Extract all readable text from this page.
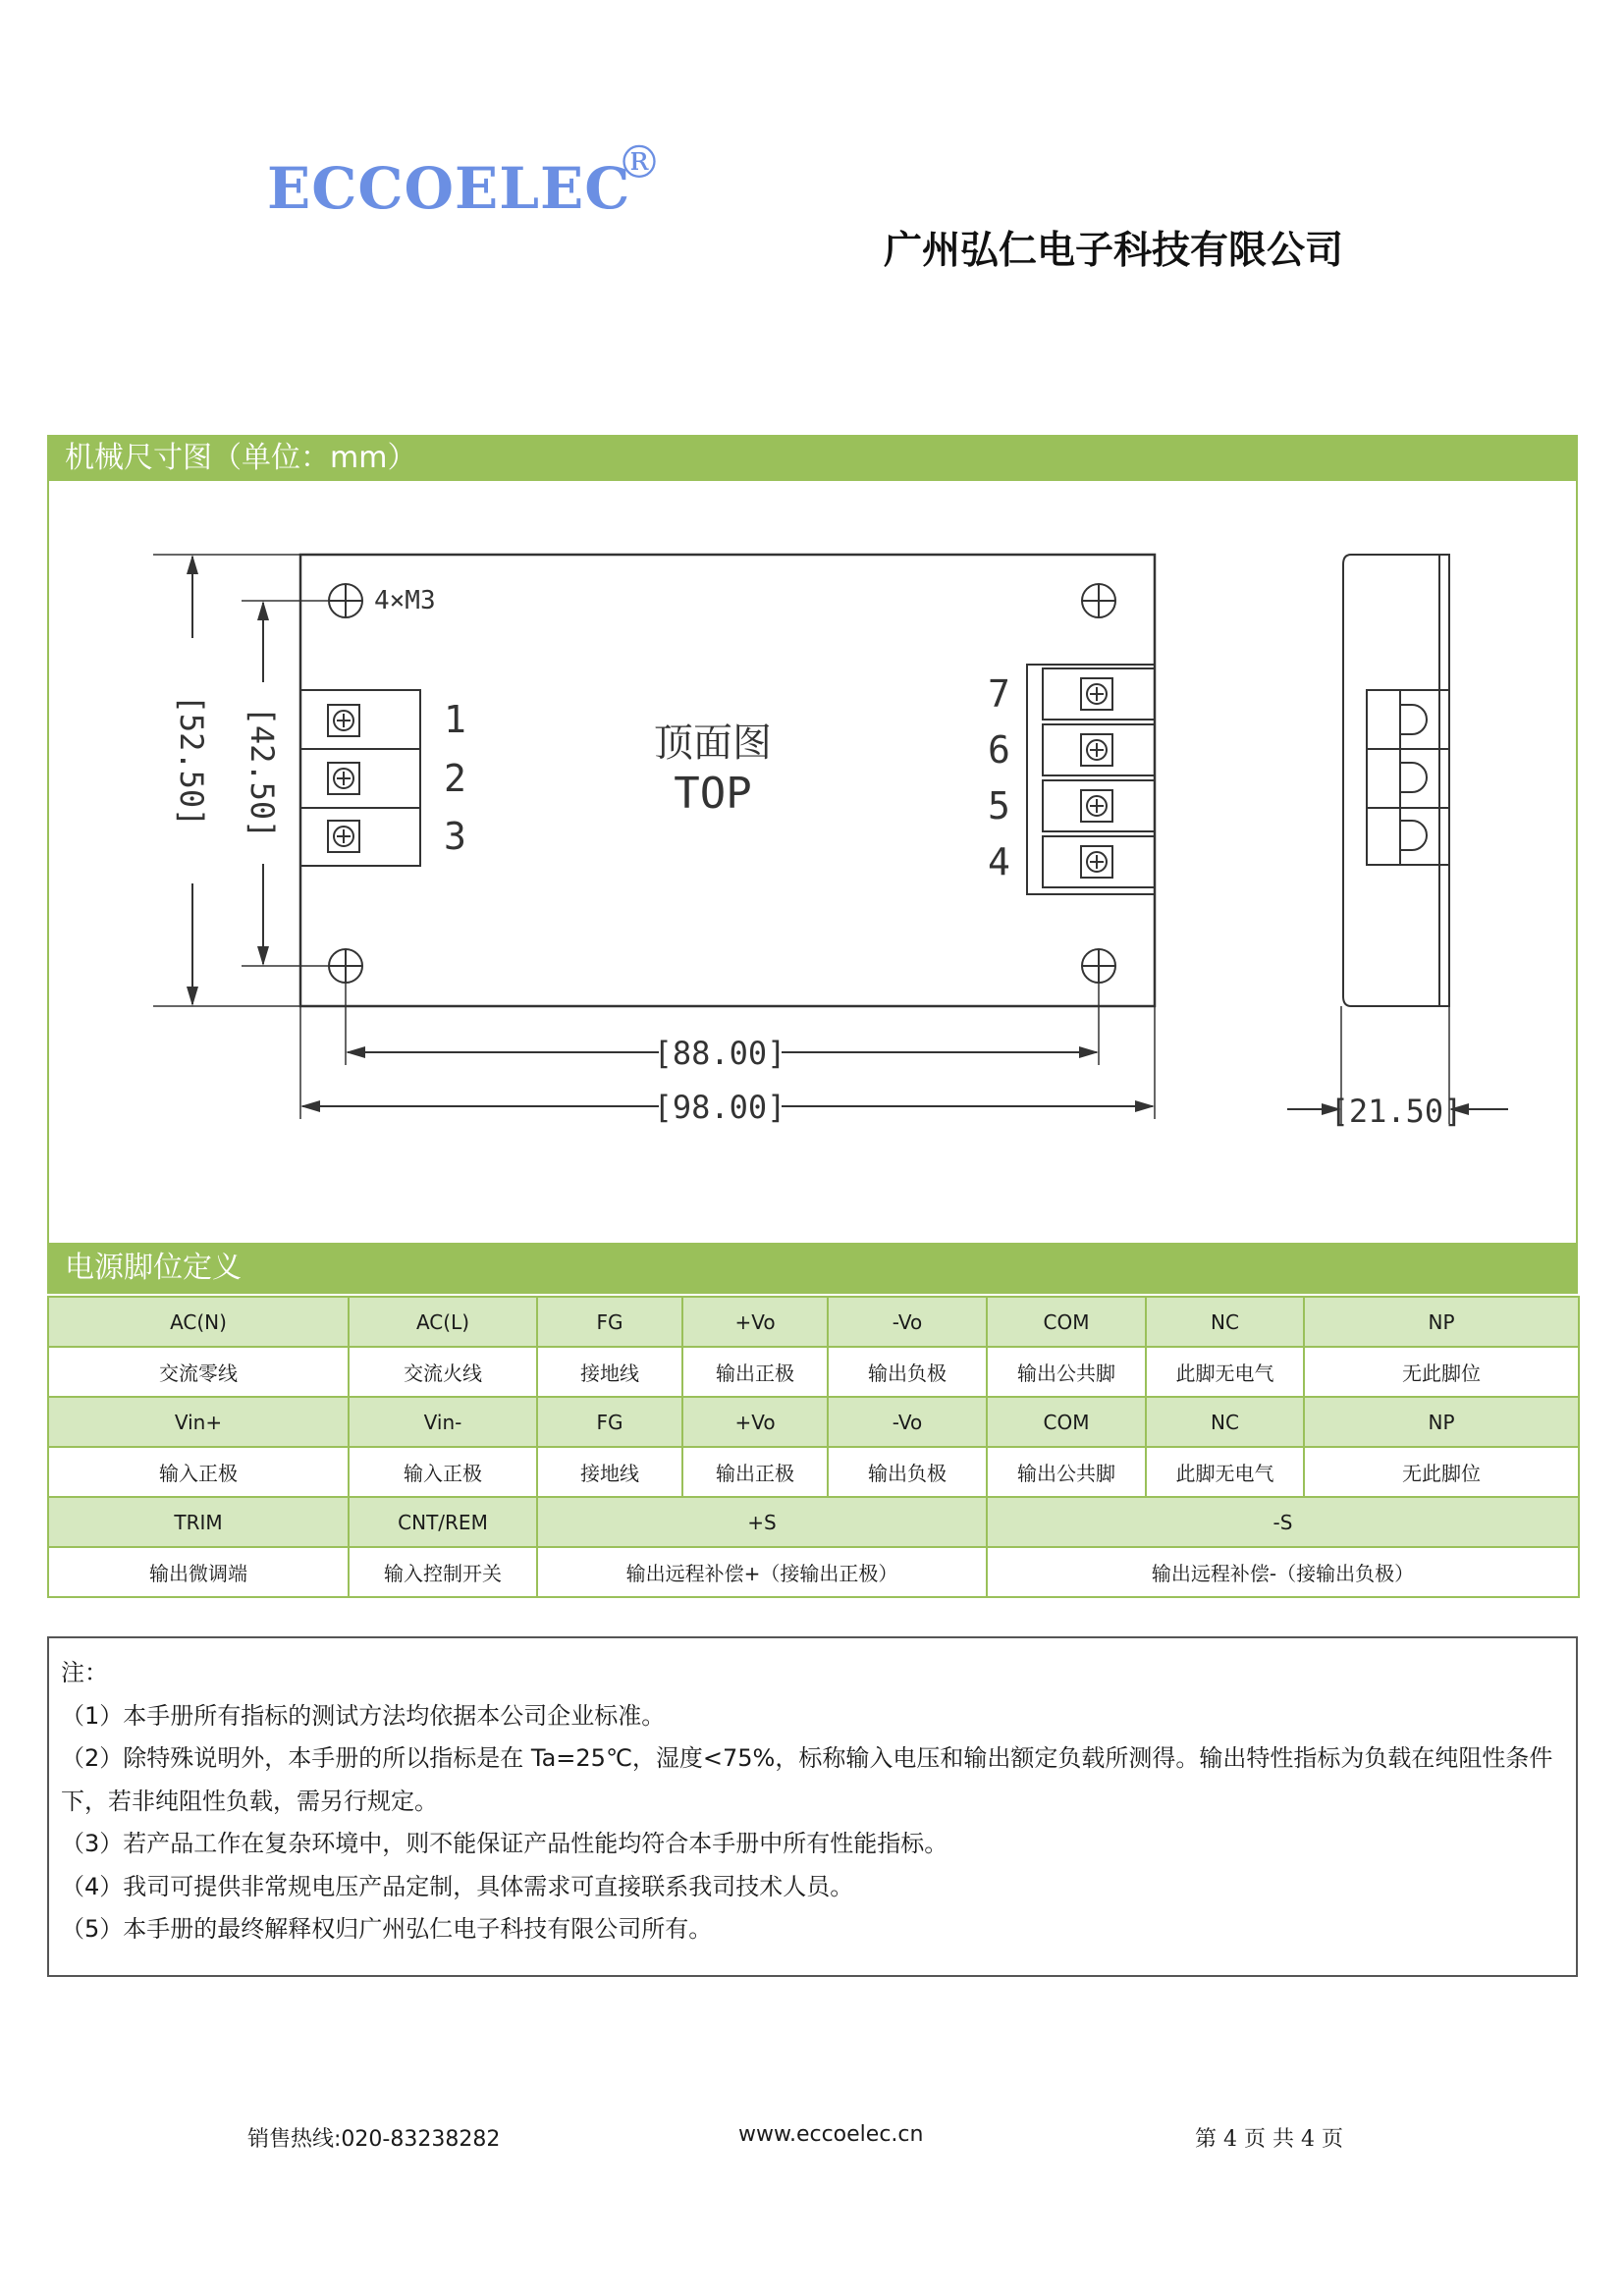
ECCOELEC
®
广州弘仁电子科技有限公司
机械尺寸图（单位：mm）
4×M3
1
2
3
7
6
5
4
顶面图
TOP
[52.50] [42.50]
[88.00]
[98.00]	[21.50]
电源脚位定义
AC(N)	AC(L)	FG	+Vo	-Vo	COM	NC	NP
交流零线	交流火线	接地线	输出正极	输出负极	输出公共脚	此脚无电气	无此脚位
Vin+	Vin-	FG	+Vo	-Vo	COM	NC	NP
输入正极	输入正极	接地线	输出正极	输出负极	输出公共脚	此脚无电气	无此脚位
TRIM	CNT/REM	+S			-S		
输出微调端	输入控制开关	输出远程补偿+（接输出正极）			输出远程补偿-（接输出负极）		

注：

（1）本手册所有指标的测试方法均依据本公司企业标准。

（2）除特殊说明外，本手册的所以指标是在 Ta=25℃，湿度<75%，标称输入电压和输出额定负载所测得。输出特性指标为负载在纯阻性条件下，若非纯阻性负载，需另行规定。

（3）若产品工作在复杂环境中，则不能保证产品性能均符合本手册中所有性能指标。

（4）我司可提供非常规电压产品定制，具体需求可直接联系我司技术人员。

（5）本手册的最终解释权归广州弘仁电子科技有限公司所有。

销售热线:020-83238282	www.eccoelec.cn	第 4 页 共 4 页
